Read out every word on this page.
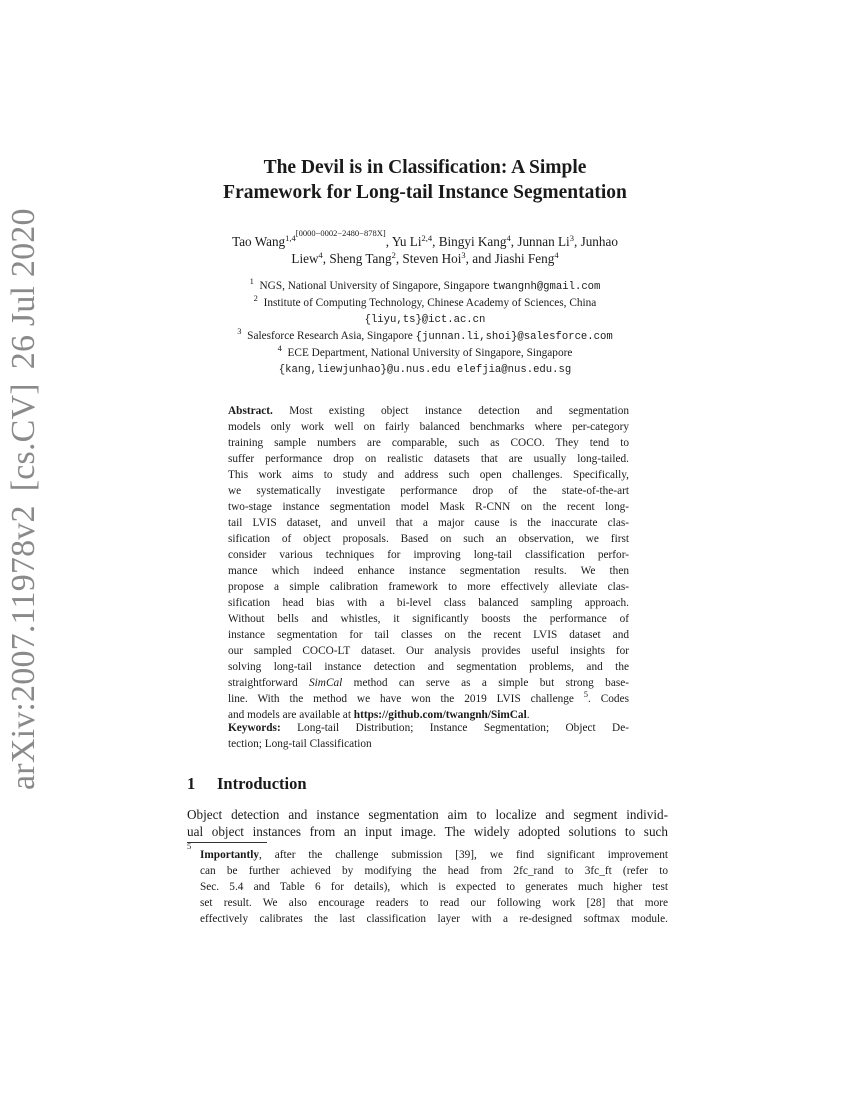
arXiv:2007.11978v2[cs.CV]26 Jul 2020
The Devil is in Classification: A Simple
Framework for Long-tail Instance Segmentation
Tao Wang$^{1,4[0000-0002-2480-878X]}$, Yu Li$^{2,4}$, Bingyi Kang$^4$, Junnan Li$^3$, Junhao
Liew$^4$, Sheng Tang$^2$, Steven Hoi$^3$, and Jiashi Feng$^4$
$^1$ NGS, National University of Singapore, Singapore twangnh@gmail.com
$^2$ Institute of Computing Technology, Chinese Academy of Sciences, China
{liyu,ts}@ict.ac.cn
$^3$ Salesforce Research Asia, Singapore {junnan.li,shoi}@salesforce.com
$^4$ ECE Department, National University of Singapore, Singapore
{kang,liewjunhao}@u.nus.edu elefjia@nus.edu.sg
Abstract. Most existing object instance detection and segmentation
models only work well on fairly balanced benchmarks where per-category
training sample numbers are comparable, such as COCO. They tend to
suffer performance drop on realistic datasets that are usually long-tailed.
This work aims to study and address such open challenges. Specifically,
we systematically investigate performance drop of the state-of-the-art
two-stage instance segmentation model Mask R-CNN on the recent long-
tail LVIS dataset, and unveil that a major cause is the inaccurate clas-
sification of object proposals. Based on such an observation, we first
consider various techniques for improving long-tail classification perfor-
mance which indeed enhance instance segmentation results. We then
propose a simple calibration framework to more effectively alleviate clas-
sification head bias with a bi-level class balanced sampling approach.
Without bells and whistles, it significantly boosts the performance of
instance segmentation for tail classes on the recent LVIS dataset and
our sampled COCO-LT dataset. Our analysis provides useful insights for
solving long-tail instance detection and segmentation problems, and the
straightforward SimCal method can serve as a simple but strong base-
line. With the method we have won the 2019 LVIS challenge $^5$. Codes
and models are available at https://github.com/twangnh/SimCal.
Keywords: Long-tail Distribution; Instance Segmentation; Object De-
tection; Long-tail Classification
1 Introduction
Object detection and instance segmentation aim to localize and segment individ-
ual object instances from an input image. The widely adopted solutions to such
5
Importantly, after the challenge submission [39], we find significant improvement
can be further achieved by modifying the head from 2fc_rand to 3fc_ft (refer to
Sec. 5.4 and Table 6 for details), which is expected to generates much higher test
set result. We also encourage readers to read our following work [28] that more
effectively calibrates the last classification layer with a re-designed softmax module.
